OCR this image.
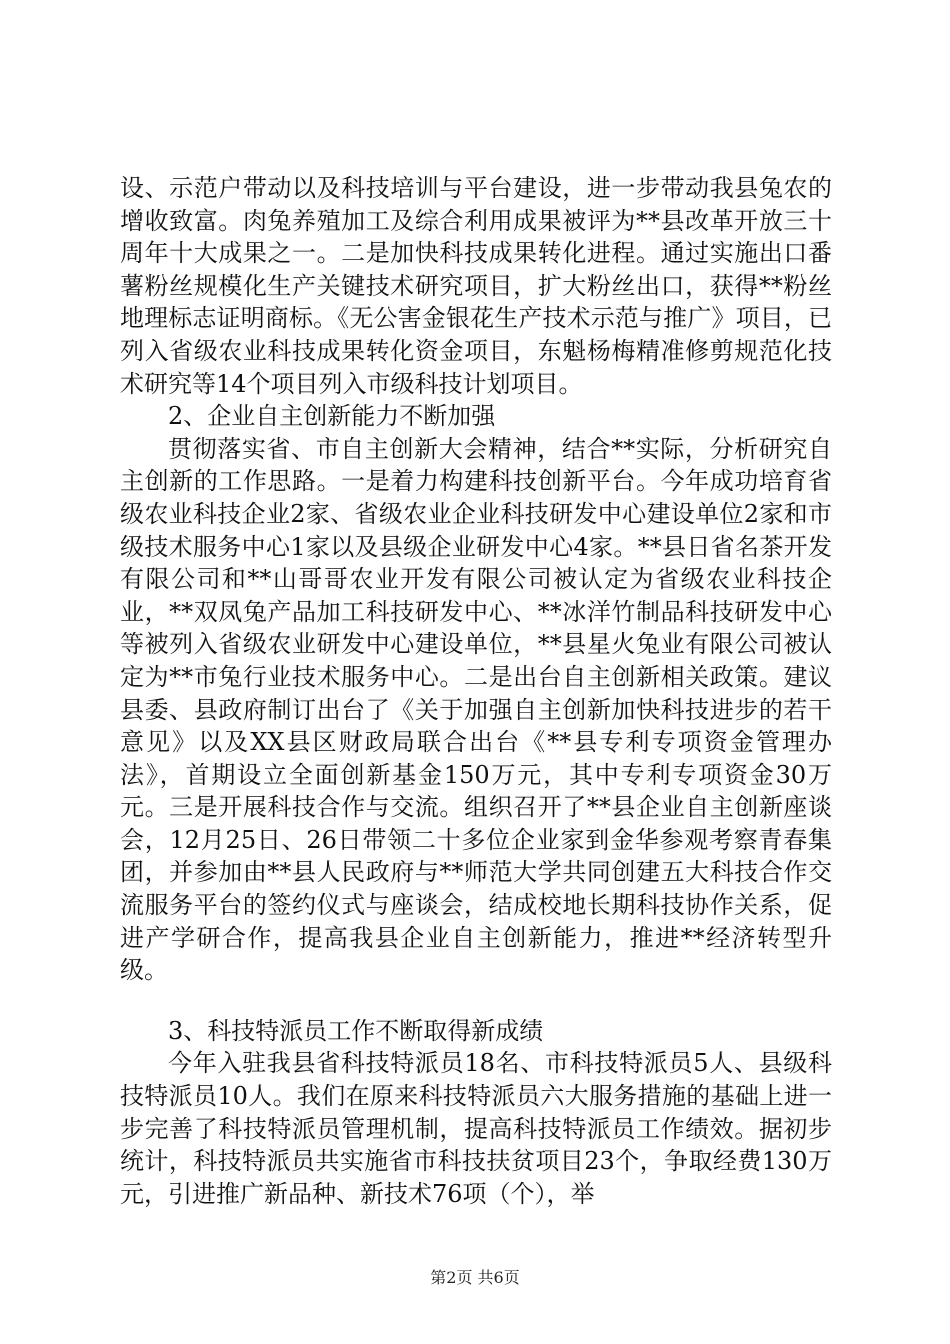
设、示范户带动以及科技培训与平台建设，进一步带动我县兔农的增收致富。肉兔养殖加工及综合利用成果被评为**县改革开放三十周年十大成果之一。二是加快科技成果转化进程。通过实施出口番薯粉丝规模化生产关键技术研究项目，扩大粉丝出口，获得**粉丝地理标志证明商标。《无公害金银花生产技术示范与推广》项目，已列入省级农业科技成果转化资金项目，东魁杨梅精准修剪规范化技术研究等14个项目列入市级科技计划项目。

2、企业自主创新能力不断加强

贯彻落实省、市自主创新大会精神，结合**实际，分析研究自主创新的工作思路。一是着力构建科技创新平台。今年成功培育省级农业科技企业2家、省级农业企业科技研发中心建设单位2家和市级技术服务中心1家以及县级企业研发中心4家。**县日省名茶开发有限公司和**山哥哥农业开发有限公司被认定为省级农业科技企业，**双凤兔产品加工科技研发中心、**冰洋竹制品科技研发中心等被列入省级农业研发中心建设单位，**县星火兔业有限公司被认定为**市兔行业技术服务中心。二是出台自主创新相关政策。建议县委、县政府制订出台了《关于加强自主创新加快科技进步的若干意见》以及XX县区财政局联合出台《**县专利专项资金管理办法》，首期设立全面创新基金150万元，其中专利专项资金30万元。三是开展科技合作与交流。组织召开了**县企业自主创新座谈会，12月25日、26日带领二十多位企业家到金华参观考察青春集团，并参加由**县人民政府与**师范大学共同创建五大科技合作交流服务平台的签约仪式与座谈会，结成校地长期科技协作关系，促进产学研合作，提高我县企业自主创新能力，推进**经济转型升级。

3、科技特派员工作不断取得新成绩

今年入驻我县省科技特派员18名、市科技特派员5人、县级科技特派员10人。我们在原来科技特派员六大服务措施的基础上进一步完善了科技特派员管理机制，提高科技特派员工作绩效。据初步统计，科技特派员共实施省市科技扶贫项目23个，争取经费130万元，引进推广新品种、新技术76项（个），举

第2页 共6页
